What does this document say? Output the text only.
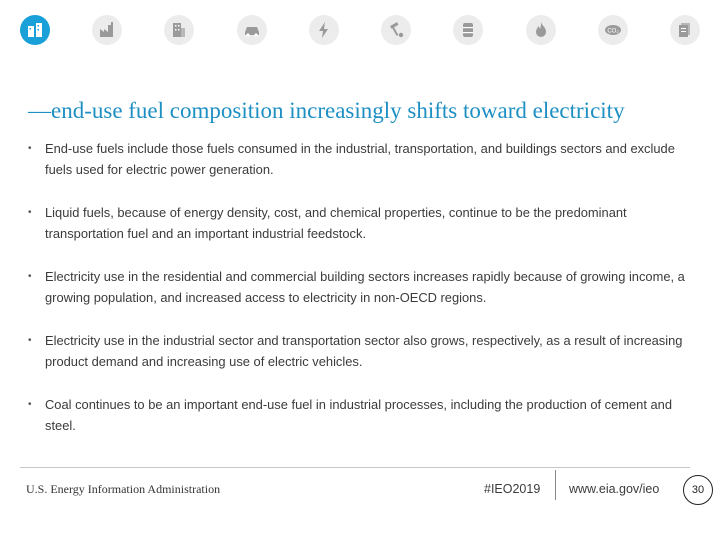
CO₂
—end-use fuel composition increasingly shifts toward electricity
• End-use fuels include those fuels consumed in the industrial, transportation, and buildings sectors and exclude fuels used for electric power generation.
• Liquid fuels, because of energy density, cost, and chemical properties, continue to be the predominant transportation fuel and an important industrial feedstock.
• Electricity use in the residential and commercial building sectors increases rapidly because of growing income, a growing population, and increased access to electricity in non-OECD regions.
• Electricity use in the industrial sector and transportation sector also grows, respectively, as a result of increasing product demand and increasing use of electric vehicles.
• Coal continues to be an important end-use fuel in industrial processes, including the production of cement and steel.
U.S. Energy Information Administration	#IEO2019 www.eia.gov/ieo	30
